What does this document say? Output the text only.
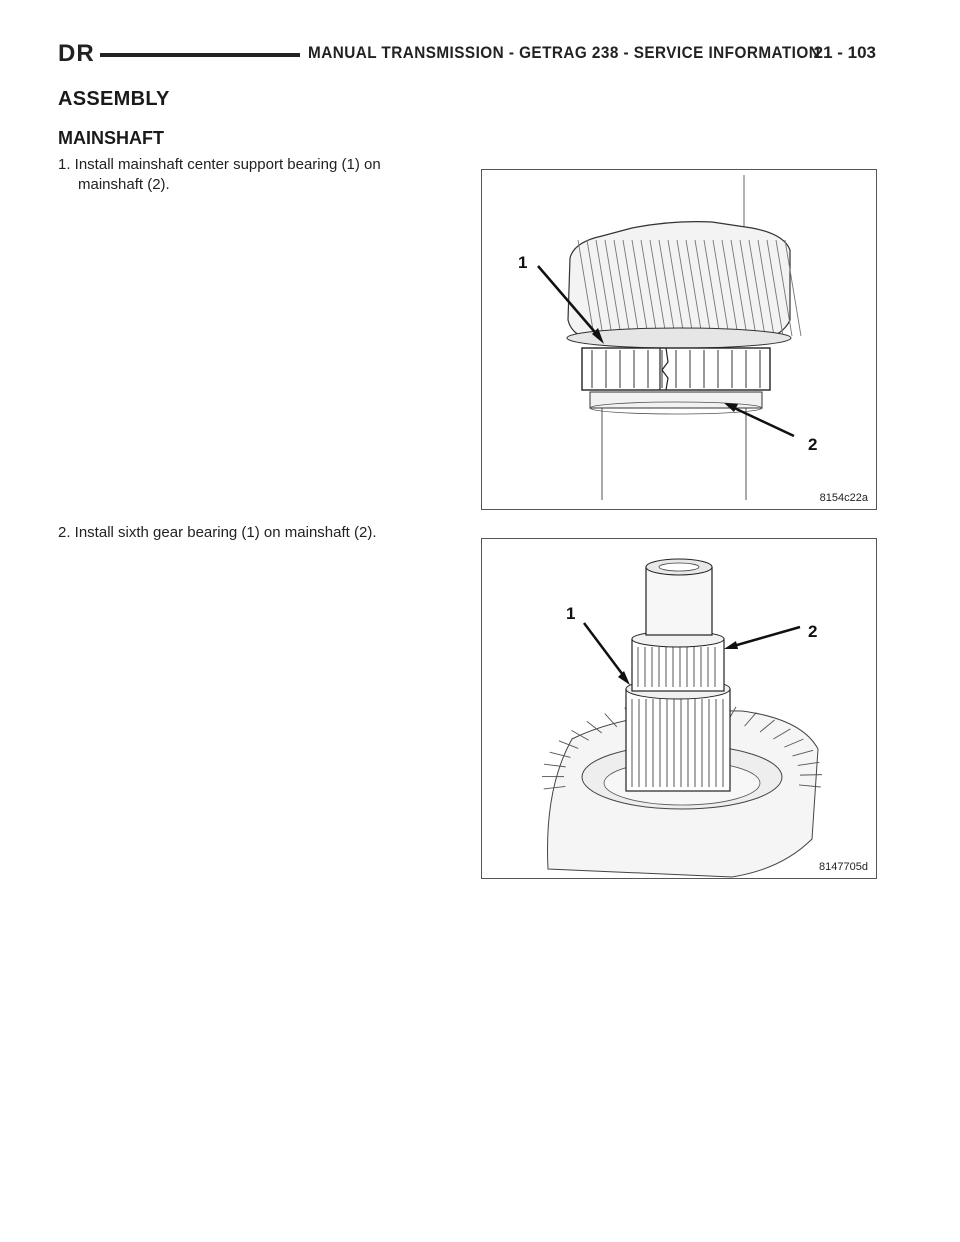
DR	MANUAL TRANSMISSION - GETRAG 238 - SERVICE INFORMATION
21 - 103
ASSEMBLY
MAINSHAFT
1. Install mainshaft center support bearing (1) on
mainshaft (2).
1
2
8154c22a
2. Install sixth gear bearing (1) on mainshaft (2).
1
2
8147705d
